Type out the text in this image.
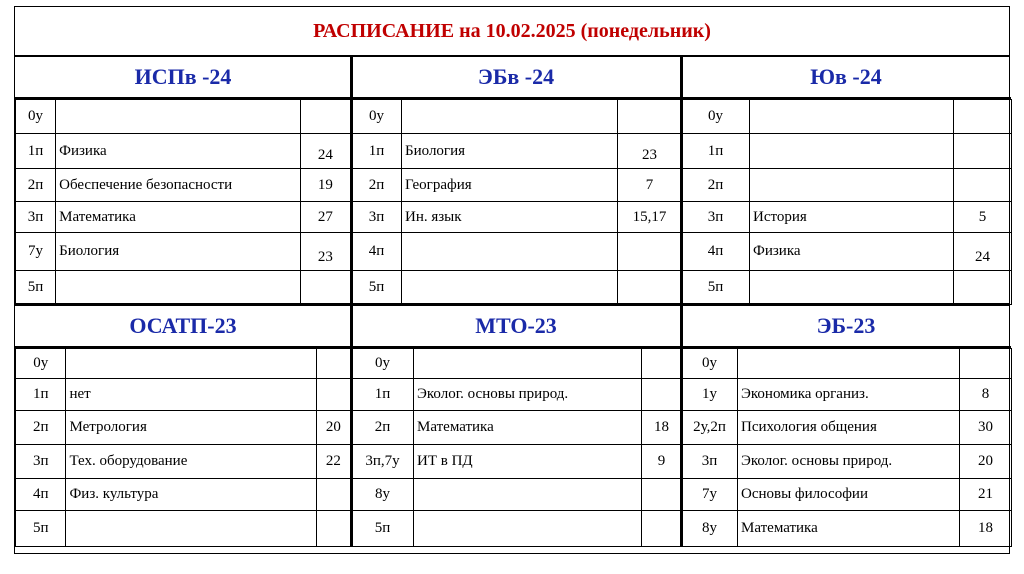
РАСПИСАНИЕ на 10.02.2025 (понедельник)
ИСПв -24
0у		
1п	Физика	24
2п	Обеспечение безопасности	19
3п	Математика	27
7у	Биология	23
5п		
ЭБв -24
0у		
1п	Биология	23
2п	География	7
3п	Ин. язык	15,17
4п		
5п		
Юв -24
0у		
1п		
2п		
3п	История	5
4п	Физика	24
5п		
ОСАТП-23
0у		
1п	нет	
2п	Метрология	20
3п	Тех. оборудование	22
4п	Физ. культура	
5п		
МТО-23
0у		
1п	Эколог. основы природ.	
2п	Математика	18
3п,7у	ИТ в ПД	9
8у		
5п		
ЭБ-23
0у		
1у	Экономика организ.	8
2у,2п	Психология общения	30
3п	Эколог. основы природ.	20
7у	Основы философии	21
8у	Математика	18
